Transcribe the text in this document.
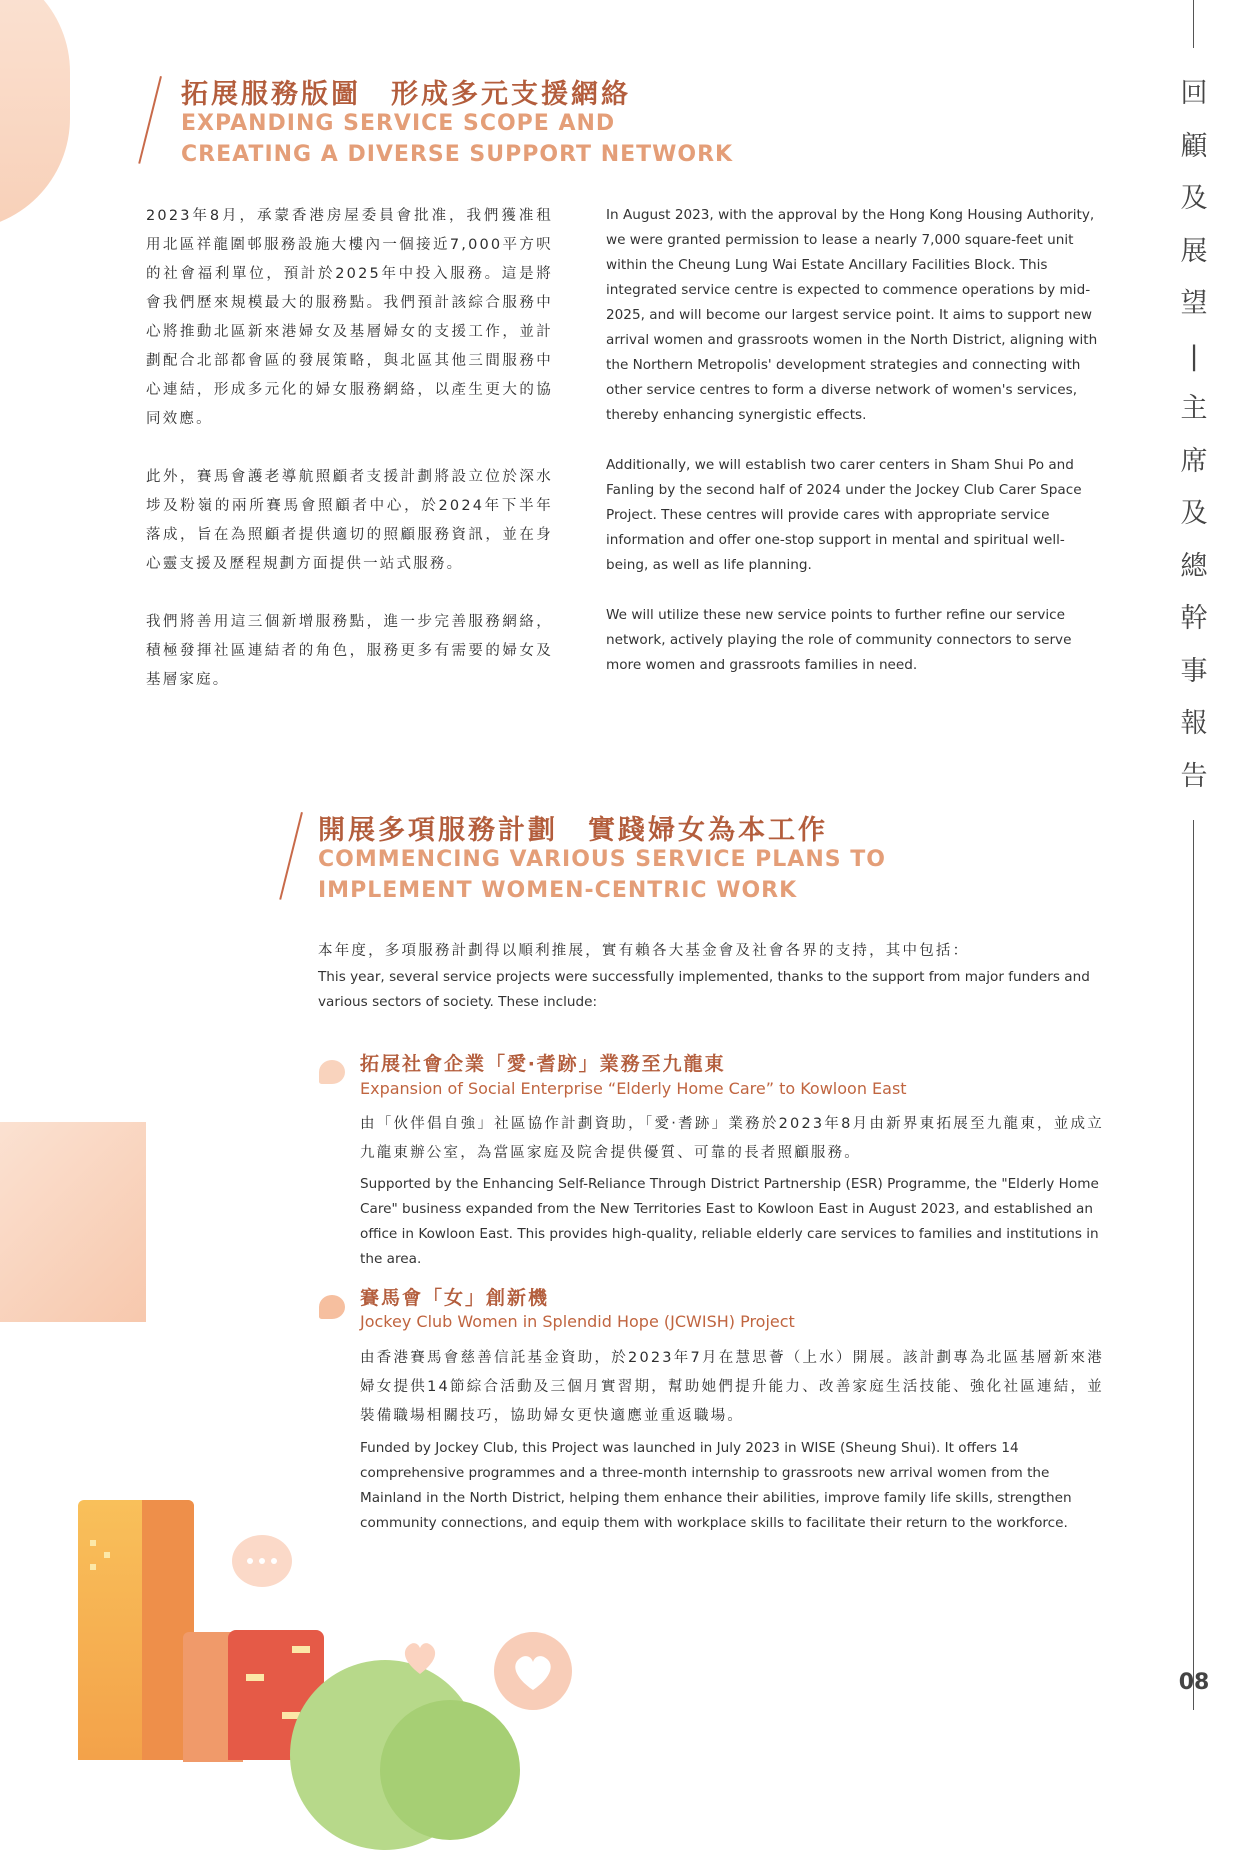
回
顧
及
展
望
|
主
席
及
總
幹
事
報
告
08
拓展服務版圖　形成多元支援網絡
EXPANDING SERVICE SCOPE AND
CREATING A DIVERSE SUPPORT NETWORK

2023年8月，承蒙香港房屋委員會批准，我們獲准租用北區祥龍圍邨服務設施大樓內一個接近7,000平方呎的社會福利單位，預計於2025年中投入服務。這是將會我們歷來規模最大的服務點。我們預計該綜合服務中心將推動北區新來港婦女及基層婦女的支援工作，並計劃配合北部都會區的發展策略，與北區其他三間服務中心連結，形成多元化的婦女服務網絡，以產生更大的協同效應。

此外，賽馬會護老導航照顧者支援計劃將設立位於深水埗及粉嶺的兩所賽馬會照顧者中心，於2024年下半年落成，旨在為照顧者提供適切的照顧服務資訊，並在身心靈支援及歷程規劃方面提供一站式服務。

我們將善用這三個新增服務點，進一步完善服務網絡，積極發揮社區連結者的角色，服務更多有需要的婦女及基層家庭。

In August 2023, with the approval by the Hong Kong Housing Authority, we were granted permission to lease a nearly 7,000 square-feet unit within the Cheung Lung Wai Estate Ancillary Facilities Block. This integrated service centre is expected to commence operations by mid-2025, and will become our largest service point. It aims to support new arrival women and grassroots women in the North District, aligning with the Northern Metropolis' development strategies and connecting with other service centres to form a diverse network of women's services, thereby enhancing synergistic effects.

Additionally, we will establish two carer centers in Sham Shui Po and Fanling by the second half of 2024 under the Jockey Club Carer Space Project. These centres will provide cares with appropriate service information and offer one-stop support in mental and spiritual well-being, as well as life planning.

We will utilize these new service points to further refine our service network, actively playing the role of community connectors to serve more women and grassroots families in need.

開展多項服務計劃　實踐婦女為本工作
COMMENCING VARIOUS SERVICE PLANS TO
IMPLEMENT WOMEN-CENTRIC WORK
本年度，多項服務計劃得以順利推展，實有賴各大基金會及社會各界的支持，其中包括：
This year, several service projects were successfully implemented, thanks to the support from major funders and various sectors of society. These include:
拓展社會企業「愛‧耆跡」業務至九龍東
Expansion of Social Enterprise “Elderly Home Care” to Kowloon East
由「伙伴倡自強」社區協作計劃資助，「愛‧耆跡」業務於2023年8月由新界東拓展至九龍東，並成立九龍東辦公室，為當區家庭及院舍提供優質、可靠的長者照顧服務。
Supported by the Enhancing Self-Reliance Through District Partnership (ESR) Programme, the "Elderly Home Care" business expanded from the New Territories East to Kowloon East in August 2023, and established an office in Kowloon East. This provides high-quality, reliable elderly care services to families and institutions in the area.
賽馬會「女」創新機
Jockey Club Women in Splendid Hope (JCWISH) Project
由香港賽馬會慈善信託基金資助，於2023年7月在慧思薈（上水）開展。該計劃專為北區基層新來港婦女提供14節綜合活動及三個月實習期，幫助她們提升能力、改善家庭生活技能、強化社區連結，並裝備職場相關技巧，協助婦女更快適應並重返職場。
Funded by Jockey Club, this Project was launched in July 2023 in WISE (Sheung Shui). It offers 14 comprehensive programmes and a three-month internship to grassroots new arrival women from the Mainland in the North District, helping them enhance their abilities, improve family life skills, strengthen community connections, and equip them with workplace skills to facilitate their return to the workforce.
